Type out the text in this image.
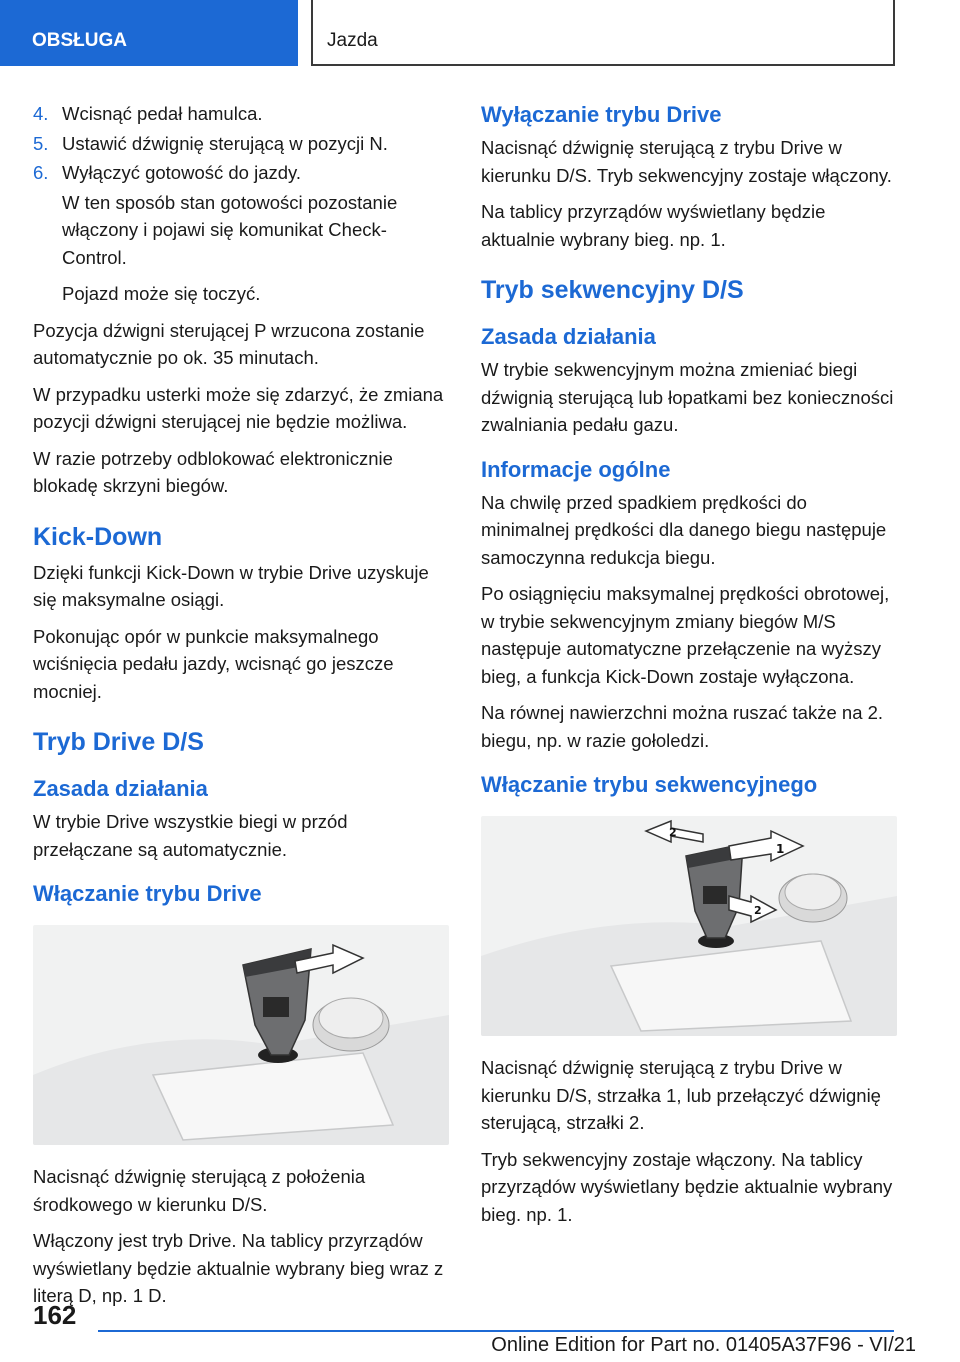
OBSŁUGA	Jazda

4. Wcisnąć pedał hamulca.

5. Ustawić dźwignię sterującą w pozycji N.

6. Wyłączyć gotowość do jazdy.

W ten sposób stan gotowości pozostanie włączony i pojawi się komunikat Check-Control.

Pojazd może się toczyć.

Pozycja dźwigni sterującej P wrzucona zostanie automatycznie po ok. 35 minutach.

W przypadku usterki może się zdarzyć, że zmiana pozycji dźwigni sterującej nie będzie możliwa.

W razie potrzeby odblokować elektronicznie blokadę skrzyni biegów.

Kick-Down

Dzięki funkcji Kick-Down w trybie Drive uzyskuje się maksymalne osiągi.

Pokonując opór w punkcie maksymalnego wciśnięcia pedału jazdy, wcisnąć go jeszcze mocniej.

Tryb Drive D/S
Zasada działania

W trybie Drive wszystkie biegi w przód przełączane są automatycznie.

Włączanie trybu Drive

Nacisnąć dźwignię sterującą z położenia środkowego w kierunku D/S.

Włączony jest tryb Drive. Na tablicy przyrządów wyświetlany będzie aktualnie wybrany bieg wraz z literą D, np. 1 D.

Wyłączanie trybu Drive

Nacisnąć dźwignię sterującą z trybu Drive w kierunku D/S. Tryb sekwencyjny zostaje włączony.

Na tablicy przyrządów wyświetlany będzie aktualnie wybrany bieg. np. 1.

Tryb sekwencyjny D/S
Zasada działania

W trybie sekwencyjnym można zmieniać biegi dźwignią sterującą lub łopatkami bez konieczności zwalniania pedału gazu.

Informacje ogólne

Na chwilę przed spadkiem prędkości do minimalnej prędkości dla danego biegu następuje samoczynna redukcja biegu.

Po osiągnięciu maksymalnej prędkości obrotowej, w trybie sekwencyjnym zmiany biegów M/S następuje automatyczne przełączenie na wyższy bieg, a funkcja Kick-Down zostaje wyłączona.

Na równej nawierzchni można ruszać także na 2. biegu, np. w razie gołoledzi.

Włączanie trybu sekwencyjnego
1
2
2

Nacisnąć dźwignię sterującą z trybu Drive w kierunku D/S, strzałka 1, lub przełączyć dźwignię sterującą, strzałki 2.

Tryb sekwencyjny zostaje włączony. Na tablicy przyrządów wyświetlany będzie aktualnie wybrany bieg. np. 1.

162
Online Edition for Part no. 01405A37F96 - VI/21
